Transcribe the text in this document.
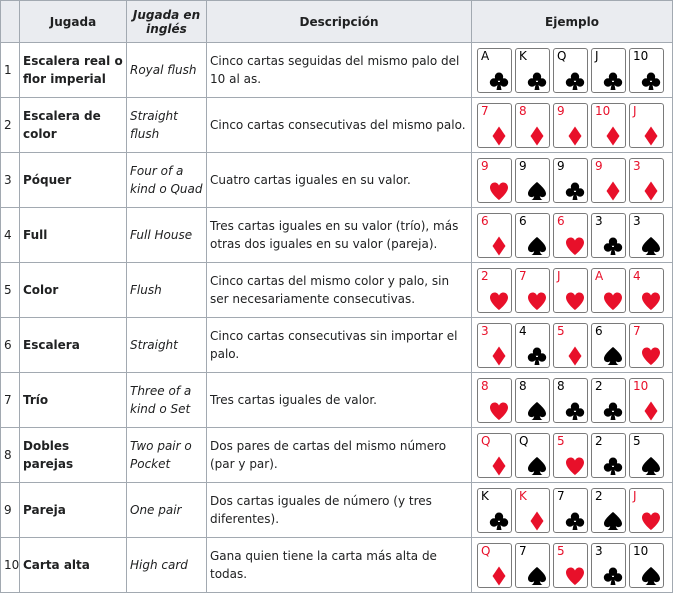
	Jugada	Jugada en inglés	Descripción	Ejemplo
1	Escalera real o flor imperial	Royal flush	Cinco cartas seguidas del mismo palo del 10 al as.	A K Q J 10

2	Escalera de color	Straight flush	Cinco cartas consecutivas del mismo palo.	7 8 9 10 J

3	Póquer	Four of a kind o Quad	Cuatro cartas iguales en su valor.	9 9 9 9 3

4	Full	Full House	Tres cartas iguales en su valor (trío), más otras dos iguales en su valor (pareja).	6 6 6 3 3

5	Color	Flush	Cinco cartas del mismo color y palo, sin ser necesariamente consecutivas.	2 7 J A 4

6	Escalera	Straight	Cinco cartas consecutivas sin importar el palo.	3 4 5 6 7

7	Trío	Three of a kind o Set	Tres cartas iguales de valor.	8 8 8 2 10

8	Dobles parejas	Two pair o Pocket	Dos pares de cartas del mismo número (par y par).	Q Q 5 2 5

9	Pareja	One pair	Dos cartas iguales de número (y tres diferentes).	K K 7 2 J

10	Carta alta	High card	Gana quien tiene la carta más alta de todas.	Q 7 5 3 10
